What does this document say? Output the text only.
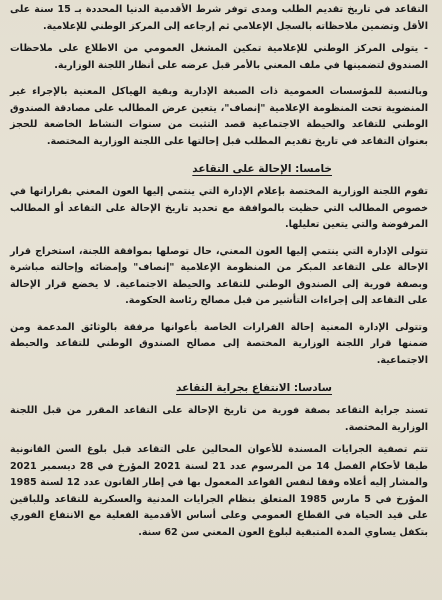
التقاعد في تاريخ تقديم الطلب ومدى توفر شرط الأقدمية الدنيا المحددة بـ 15 سنة على الأقل وتضمين ملاحظاته بالسجل الإعلامي ثم إرجاعه إلى المركز الوطني للإعلامية.

- يتولى المركز الوطني للإعلامية تمكين المشغل العمومي من الاطلاع على ملاحظات الصندوق لتضمينها في ملف المعني بالأمر قبل عرضه على أنظار اللجنة الوزارية.

وبالنسبة للمؤسسات العمومية ذات الصبغة الإدارية وبقية الهياكل المعنية بالإجراء غير المنضوية تحت المنظومة الإعلامية "إنصاف"، يتعين عرض المطالب على مصادقة الصندوق الوطني للتقاعد والحيطة الاجتماعية قصد التثبت من سنوات النشاط الخاضعة للحجز بعنوان التقاعد في تاريخ تقديم المطلب قبل إحالتها على اللجنة الوزارية المختصة.

خامسا: الإحالة على التقاعد

تقوم اللجنة الوزارية المختصة بإعلام الإدارة التي ينتمي إليها العون المعني بقراراتها في خصوص المطالب التي حظيت بالموافقة مع تحديد تاريخ الإحالة على التقاعد أو المطالب المرفوضة والتي يتعين تعليلها.

تتولى الإدارة التي ينتمي إليها العون المعني، حال توصلها بموافقة اللجنة، استخراج قرار الإحالة على التقاعد المبكر من المنظومة الإعلامية "إنصاف" وإمضائه وإحالته مباشرة وبصفة فورية إلى الصندوق الوطني للتقاعد والحيطة الاجتماعية. لا يخضع قرار الإحالة على التقاعد إلى إجراءات التأشير من قبل مصالح رئاسة الحكومة.

وتتولى الإدارة المعنية إحالة القرارات الخاصة بأعوانها مرفقة بالوثائق المدعمة ومن ضمنها قرار اللجنة الوزارية المختصة إلى مصالح الصندوق الوطني للتقاعد والحيطة الاجتماعية.

سادسا: الانتفاع بجراية التقاعد

تسند جراية التقاعد بصفة فورية من تاريخ الإحالة على التقاعد المقرر من قبل اللجنة الوزارية المختصة.

تتم تصفية الجرايات المسندة للأعوان المحالين على التقاعد قبل بلوغ السن القانونية طبقا لأحكام الفصل 14 من المرسوم عدد 21 لسنة 2021 المؤرخ في 28 ديسمبر 2021 والمشار إليه أعلاه وفقا لنفس القواعد المعمول بها في إطار القانون عدد 12 لسنة 1985 المؤرخ في 5 مارس 1985 المتعلق بنظام الجرايات المدنية والعسكرية للتقاعد وللباقين على قيد الحياة في القطاع العمومي وعلى أساس الأقدمية الفعلية مع الانتفاع الفوري بتكفل يساوي المدة المتبقية لبلوغ العون المعني سن 62 سنة.
